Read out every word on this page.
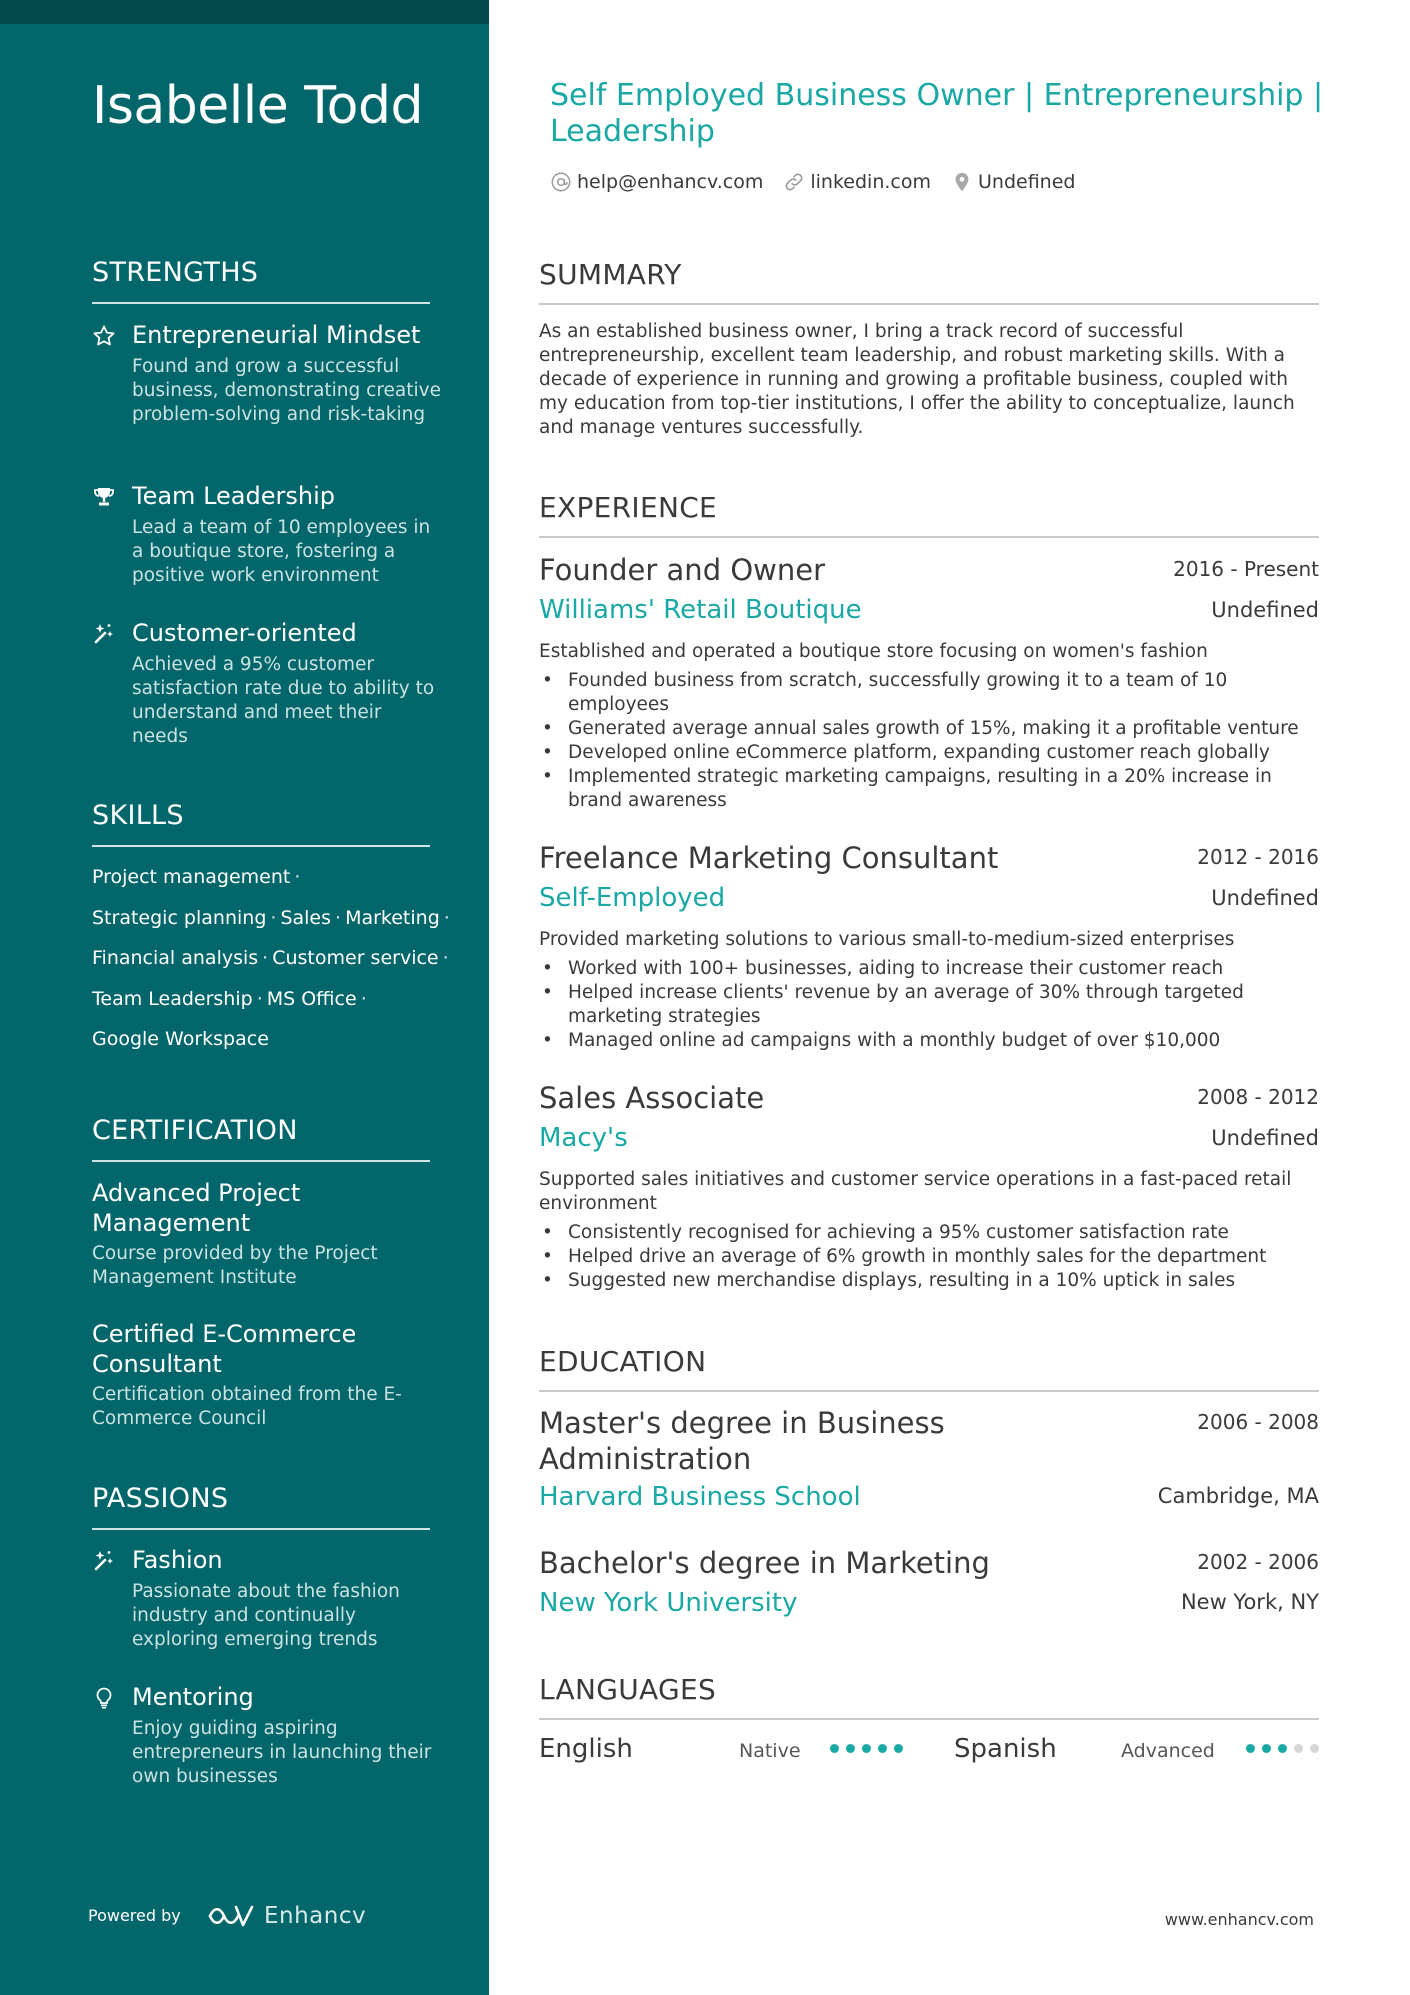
Isabelle Todd
STRENGTHS
Entrepreneurial Mindset
Found and grow a successful business, demonstrating creative problem-solving and risk-taking
Team Leadership
Lead a team of 10 employees in a boutique store, fostering a positive work environment
Customer-oriented
Achieved a 95% customer satisfaction rate due to ability to understand and meet their needs
SKILLS
Project management ·
Strategic planning · Sales · Marketing ·
Financial analysis · Customer service ·
Team Leadership · MS Office ·
Google Workspace
CERTIFICATION
Advanced Project Management
Course provided by the Project Management Institute
Certified E-Commerce Consultant
Certification obtained from the E-Commerce Council
PASSIONS
Fashion
Passionate about the fashion industry and continually exploring emerging trends
Mentoring
Enjoy guiding aspiring entrepreneurs in launching their own businesses
Powered by	Enhancv
Self Employed Business Owner | Entrepreneurship | Leadership
help@enhancv.com linkedin.com Undefined
SUMMARY
As an established business owner, I bring a track record of successful entrepreneurship, excellent team leadership, and robust marketing skills. With a decade of experience in running and growing a profitable business, coupled with my education from top-tier institutions, I offer the ability to conceptualize, launch and manage ventures successfully.
EXPERIENCE
Founder and Owner	2016 - Present
Williams' Retail Boutique	Undefined
Established and operated a boutique store focusing on women's fashion
• Founded business from scratch, successfully growing it to a team of 10 employees
• Generated average annual sales growth of 15%, making it a profitable venture
• Developed online eCommerce platform, expanding customer reach globally
• Implemented strategic marketing campaigns, resulting in a 20% increase in brand awareness
Freelance Marketing Consultant	2012 - 2016
Self-Employed	Undefined
Provided marketing solutions to various small-to-medium-sized enterprises
• Worked with 100+ businesses, aiding to increase their customer reach
• Helped increase clients' revenue by an average of 30% through targeted marketing strategies
• Managed online ad campaigns with a monthly budget of over $10,000
Sales Associate	2008 - 2012
Macy's	Undefined
Supported sales initiatives and customer service operations in a fast-paced retail environment
• Consistently recognised for achieving a 95% customer satisfaction rate
• Helped drive an average of 6% growth in monthly sales for the department
• Suggested new merchandise displays, resulting in a 10% uptick in sales
EDUCATION
Master's degree in Business Administration
2006 - 2008
Harvard Business School	Cambridge, MA
Bachelor's degree in Marketing	2002 - 2006
New York University	New York, NY
LANGUAGES
English	Native	Spanish	Advanced
www.enhancv.com
